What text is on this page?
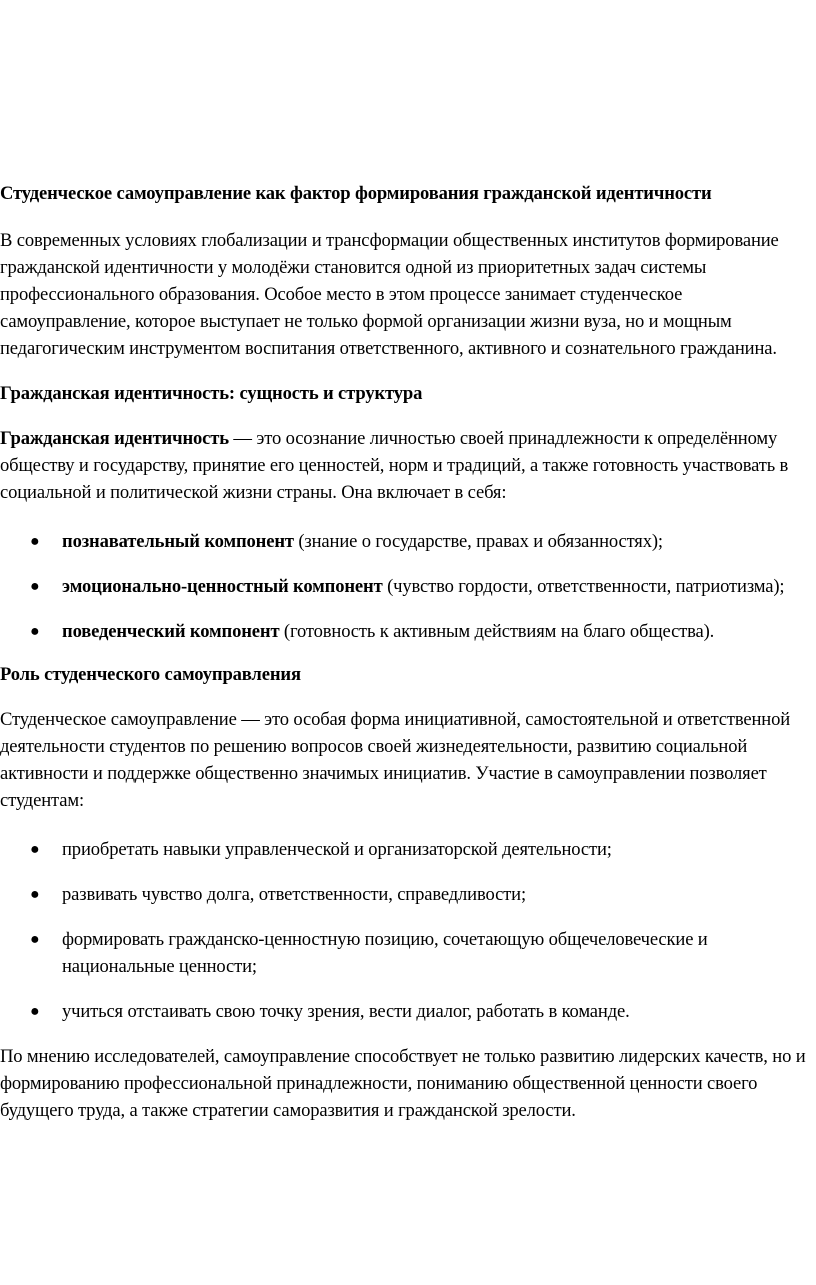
Студенческое самоуправление как фактор формирования гражданской идентичности

В современных условиях глобализации и трансформации общественных институтов формирование гражданской идентичности у молодёжи становится одной из приоритетных задач системы профессионального образования. Особое место в этом процессе занимает студенческое самоуправление, которое выступает не только формой организации жизни вуза, но и мощным педагогическим инструментом воспитания ответственного, активного и сознательного гражданина.

Гражданская идентичность: сущность и структура

Гражданская идентичность — это осознание личностью своей принадлежности к определённому обществу и государству, принятие его ценностей, норм и традиций, а также готовность участвовать в социальной и политической жизни страны. Она включает в себя:

● познавательный компонент (знание о государстве, правах и обязанностях);
● эмоционально-ценностный компонент (чувство гордости, ответственности, патриотизма);
● поведенческий компонент (готовность к активным действиям на благо общества).
Роль студенческого самоуправления

Студенческое самоуправление — это особая форма инициативной, самостоятельной и ответственной деятельности студентов по решению вопросов своей жизнедеятельности, развитию социальной активности и поддержке общественно значимых инициатив. Участие в самоуправлении позволяет студентам:

● приобретать навыки управленческой и организаторской деятельности;
● развивать чувство долга, ответственности, справедливости;
● формировать гражданско-ценностную позицию, сочетающую общечеловеческие и национальные ценности;
● учиться отстаивать свою точку зрения, вести диалог, работать в команде.

По мнению исследователей, самоуправление способствует не только развитию лидерских качеств, но и формированию профессиональной принадлежности, пониманию общественной ценности своего будущего труда, а также стратегии саморазвития и гражданской зрелости.
